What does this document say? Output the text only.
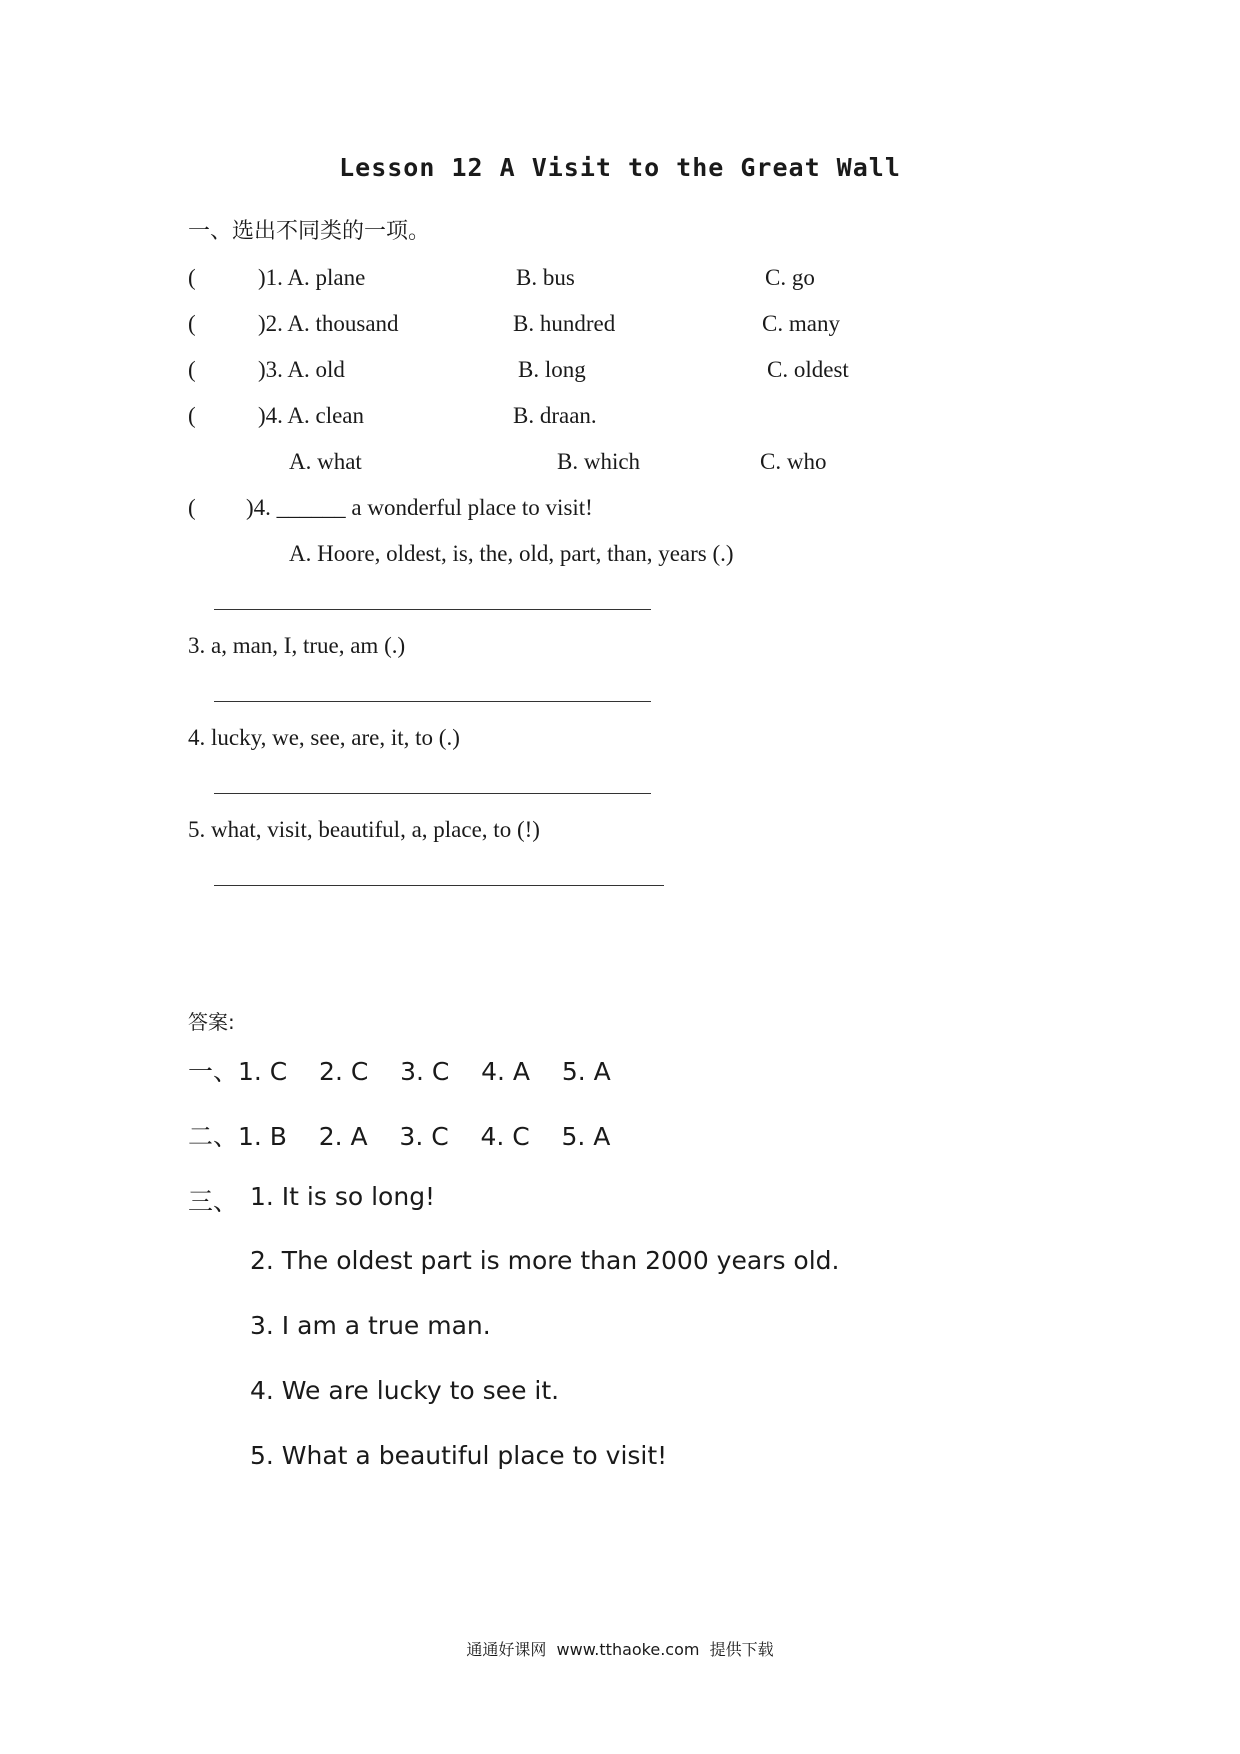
Lesson 12 A Visit to the Great Wall
一、选出不同类的一项。
(	)1. A. plane	B. bus	C. go
(	)2. A. thousand	B. hundred	C. many
(	)3. A. old	B. long	C. oldest
(	)4. A. clean	B. draan.
A. what	B. which	C. who
( )4. ______ a wonderful place to visit!
A. Hoore, oldest, is, the, old, part, than, years (.)
3. a, man, I, true, am (.)
4. lucky, we, see, are, it, to (.)
5. what, visit, beautiful, a, place, to (!)
答案:
一、1. C    2. C    3. C    4. A    5. A
二、1. B    2. A    3. C    4. C    5. A
三、 1. It is so long!
2. The oldest part is more than 2000 years old.
3. I am a true man.
4. We are lucky to see it.
5. What a beautiful place to visit!
通通好课网  www.tthaoke.com  提供下载
